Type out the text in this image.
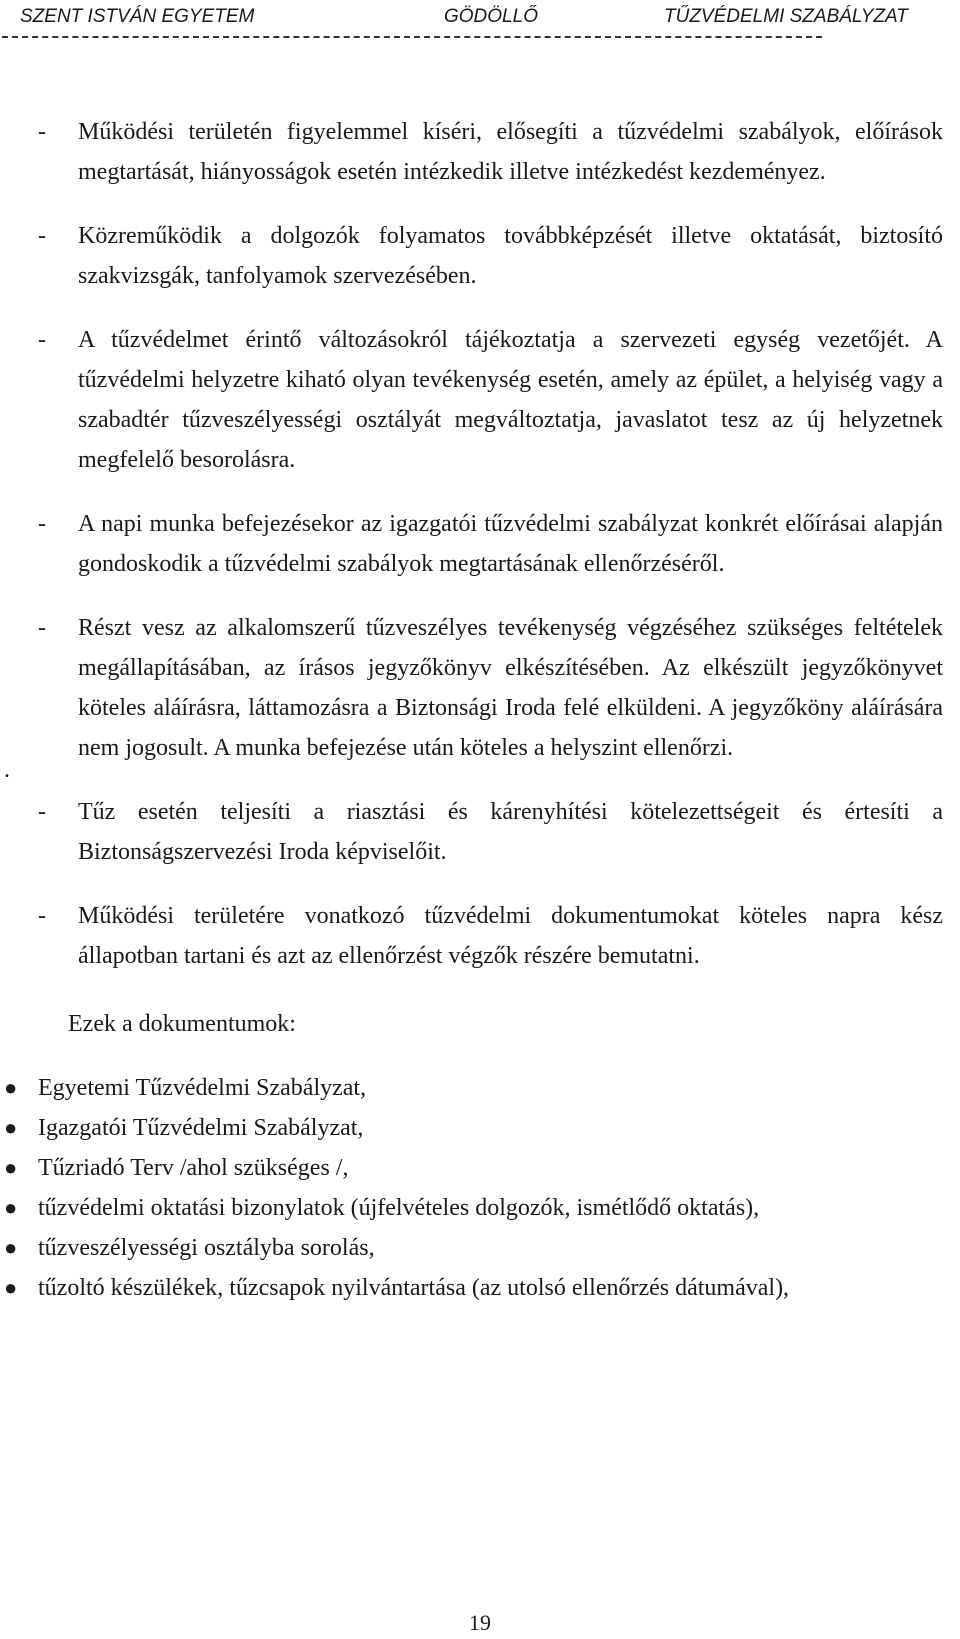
SZENT ISTVÁN EGYETEM	GÖDÖLLŐ	TŰZVÉDELMI SZABÁLYZAT
- Működési területén figyelemmel kíséri, elősegíti a tűzvédelmi szabályok, előírások megtartását, hiányosságok esetén intézkedik illetve intézkedést kezdeményez.
- Közreműködik a dolgozók folyamatos továbbképzését illetve oktatását, biztosító szakvizsgák, tanfolyamok szervezésében.
- A tűzvédelmet érintő változásokról tájékoztatja a szervezeti egység vezetőjét. A tűzvédelmi helyzetre kiható olyan tevékenység esetén, amely az épület, a helyiség vagy a szabadtér tűzveszélyességi osztályát megváltoztatja, javaslatot tesz az új helyzetnek megfelelő besorolásra.
- A napi munka befejezésekor az igazgatói tűzvédelmi szabályzat konkrét előírásai alapján gondoskodik a tűzvédelmi szabályok megtartásának ellenőrzéséről.
- Részt vesz az alkalomszerű tűzveszélyes tevékenység végzéséhez szükséges feltételek megállapításában, az írásos jegyzőkönyv elkészítésében. Az elkészült jegyzőkönyvet köteles aláírásra, láttamozásra a Biztonsági Iroda felé elküldeni. A jegyzőköny aláírására nem jogosult. A munka befejezése után köteles a helyszint ellenőrzi.
.
- Tűz esetén teljesíti a riasztási és kárenyhítési kötelezettségeit és értesíti a Biztonságszervezési Iroda képviselőit.
- Működési területére vonatkozó tűzvédelmi dokumentumokat köteles napra kész állapotban tartani és azt az ellenőrzést végzők részére bemutatni.
Ezek a dokumentumok:
● Egyetemi Tűzvédelmi Szabályzat,
● Igazgatói Tűzvédelmi Szabályzat,
● Tűzriadó Terv /ahol szükséges /,
● tűzvédelmi oktatási bizonylatok (újfelvételes dolgozók, ismétlődő oktatás),
● tűzveszélyességi osztályba sorolás,
● tűzoltó készülékek, tűzcsapok nyilvántartása (az utolsó ellenőrzés dátumával),
19
